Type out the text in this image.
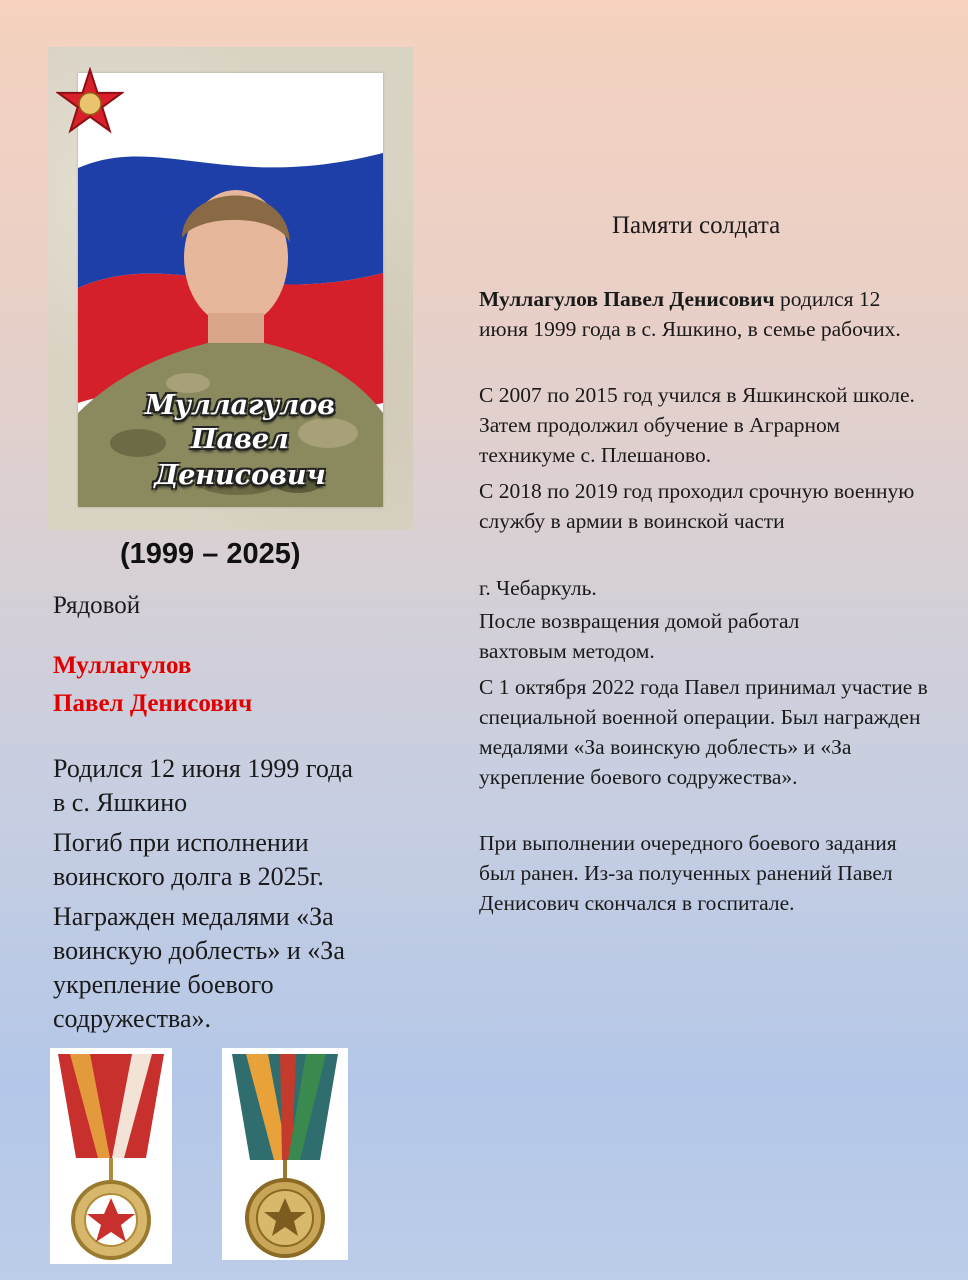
Муллагулов
Павел
Денисович
(1999 – 2025)
Рядовой
Муллагулов
Павел Денисович
Родился 12 июня 1999 года в с. Яшкино
Погиб при исполнении воинского долга в 2025г.
Награжден медалями «За воинскую доблесть» и «За укрепление боевого содружества».
Памяти солдата
Муллагулов Павел Денисович родился 12 июня 1999 года в с. Яшкино, в семье рабочих.
С 2007 по 2015 год учился в Яшкинской школе. Затем продолжил обучение в Аграрном техникуме с. Плешаново.
С 2018 по 2019 год проходил срочную военную службу в армии в воинской части
г. Чебаркуль.
После возвращения домой работал вахтовым методом.
С 1 октября 2022 года Павел принимал участие в специальной военной операции. Был награжден медалями «За воинскую доблесть» и «За укрепление боевого содружества».
При выполнении очередного боевого задания был ранен. Из-за полученных ранений Павел Денисович скончался в госпитале.
